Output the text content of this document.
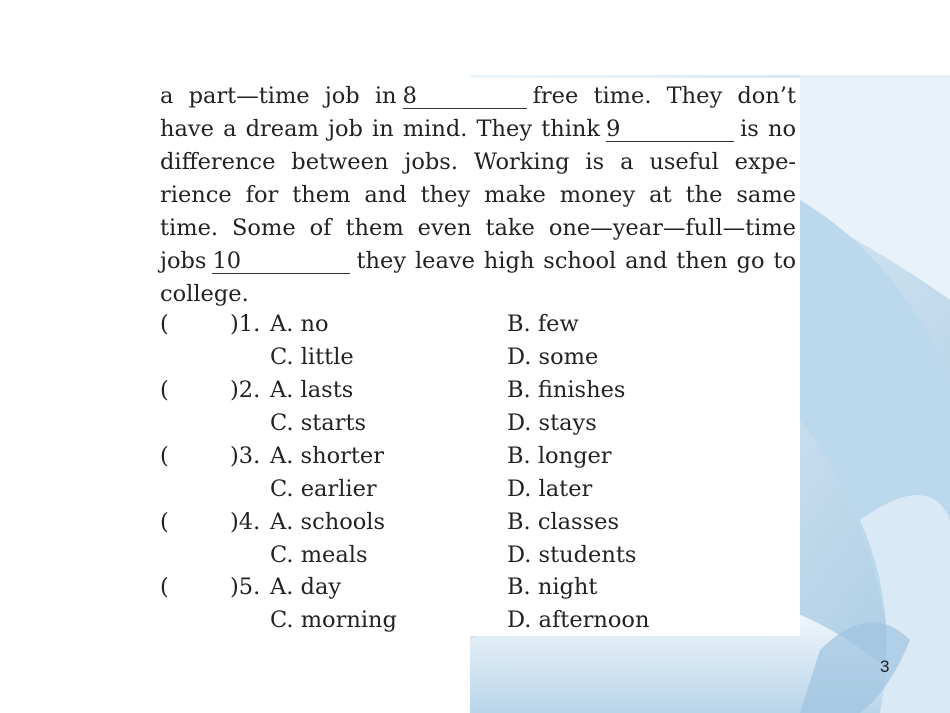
a part—time job in 8	free time. They don’t have a dream job in mind. They think 9	is no difference between jobs. Working is a useful expe- rience for them and they make money at the same time. Some of them even take one—year—full—time jobs 10	they leave high school and then go to college.
(	)1. A. no	B. few
C. little	D. some
(	)2. A. lasts	B. finishes
C. starts	D. stays
(	)3. A. shorter	B. longer
C. earlier	D. later
(	)4. A. schools	B. classes
C. meals	D. students
(	)5. A. day	B. night
C. morning	D. afternoon
3
